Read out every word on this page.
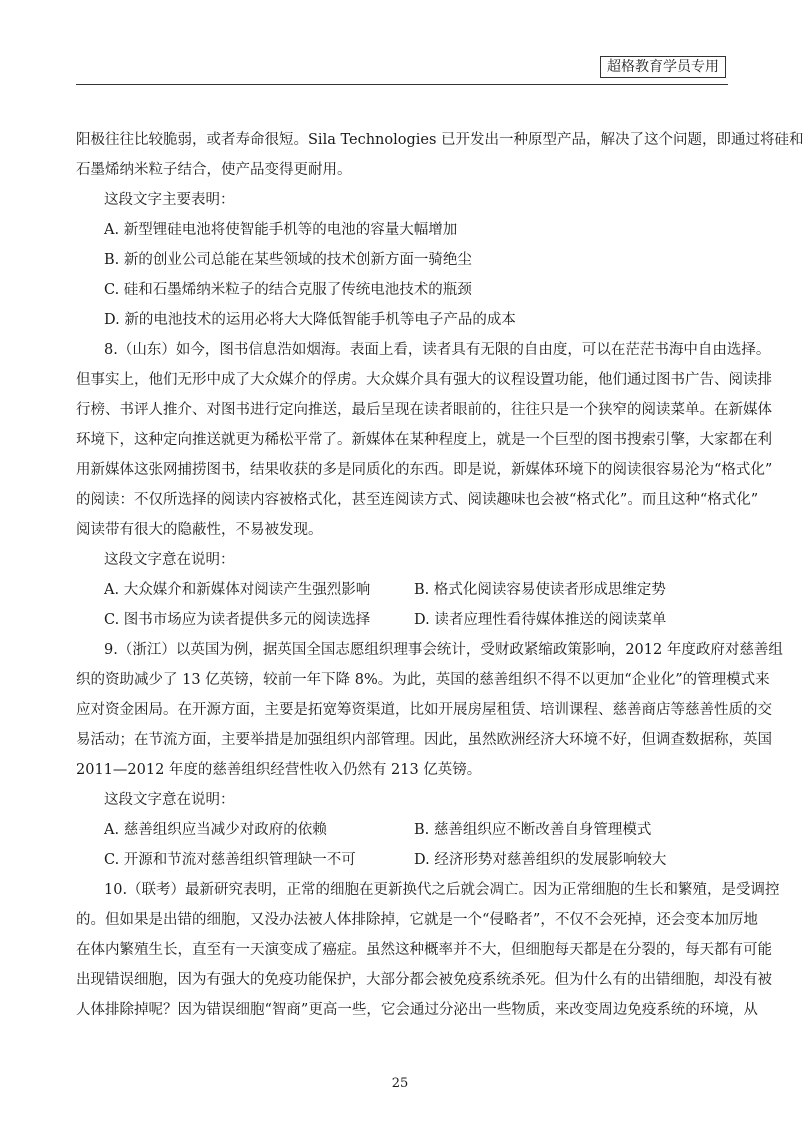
超格教育学员专用
阳极往往比较脆弱，或者寿命很短。Sila Technologies 已开发出一种原型产品，解决了这个问题，即通过将硅和
石墨烯纳米粒子结合，使产品变得更耐用。
这段文字主要表明：
A. 新型锂硅电池将使智能手机等的电池的容量大幅增加
B. 新的创业公司总能在某些领域的技术创新方面一骑绝尘
C. 硅和石墨烯纳米粒子的结合克服了传统电池技术的瓶颈
D. 新的电池技术的运用必将大大降低智能手机等电子产品的成本
8.（山东）如今，图书信息浩如烟海。表面上看，读者具有无限的自由度，可以在茫茫书海中自由选择。
但事实上，他们无形中成了大众媒介的俘虏。大众媒介具有强大的议程设置功能，他们通过图书广告、阅读排
行榜、书评人推介、对图书进行定向推送，最后呈现在读者眼前的，往往只是一个狭窄的阅读菜单。在新媒体
环境下，这种定向推送就更为稀松平常了。新媒体在某种程度上，就是一个巨型的图书搜索引擎，大家都在利
用新媒体这张网捕捞图书，结果收获的多是同质化的东西。即是说，新媒体环境下的阅读很容易沦为“格式化”
的阅读：不仅所选择的阅读内容被格式化，甚至连阅读方式、阅读趣味也会被“格式化”。而且这种“格式化”
阅读带有很大的隐蔽性，不易被发现。
这段文字意在说明：
A. 大众媒介和新媒体对阅读产生强烈影响	B. 格式化阅读容易使读者形成思维定势
C. 图书市场应为读者提供多元的阅读选择	D. 读者应理性看待媒体推送的阅读菜单
9.（浙江）以英国为例，据英国全国志愿组织理事会统计，受财政紧缩政策影响，2012 年度政府对慈善组
织的资助减少了 13 亿英镑，较前一年下降 8%。为此，英国的慈善组织不得不以更加“企业化”的管理模式来
应对资金困局。在开源方面，主要是拓宽筹资渠道，比如开展房屋租赁、培训课程、慈善商店等慈善性质的交
易活动；在节流方面，主要举措是加强组织内部管理。因此，虽然欧洲经济大环境不好，但调查数据称，英国
2011—2012 年度的慈善组织经营性收入仍然有 213 亿英镑。
这段文字意在说明：
A. 慈善组织应当减少对政府的依赖	B. 慈善组织应不断改善自身管理模式
C. 开源和节流对慈善组织管理缺一不可	D. 经济形势对慈善组织的发展影响较大
10.（联考）最新研究表明，正常的细胞在更新换代之后就会凋亡。因为正常细胞的生长和繁殖，是受调控
的。但如果是出错的细胞，又没办法被人体排除掉，它就是一个“侵略者”，不仅不会死掉，还会变本加厉地
在体内繁殖生长，直至有一天演变成了癌症。虽然这种概率并不大，但细胞每天都是在分裂的，每天都有可能
出现错误细胞，因为有强大的免疫功能保护，大部分都会被免疫系统杀死。但为什么有的出错细胞，却没有被
人体排除掉呢？因为错误细胞“智商”更高一些，它会通过分泌出一些物质，来改变周边免疫系统的环境，从
25
